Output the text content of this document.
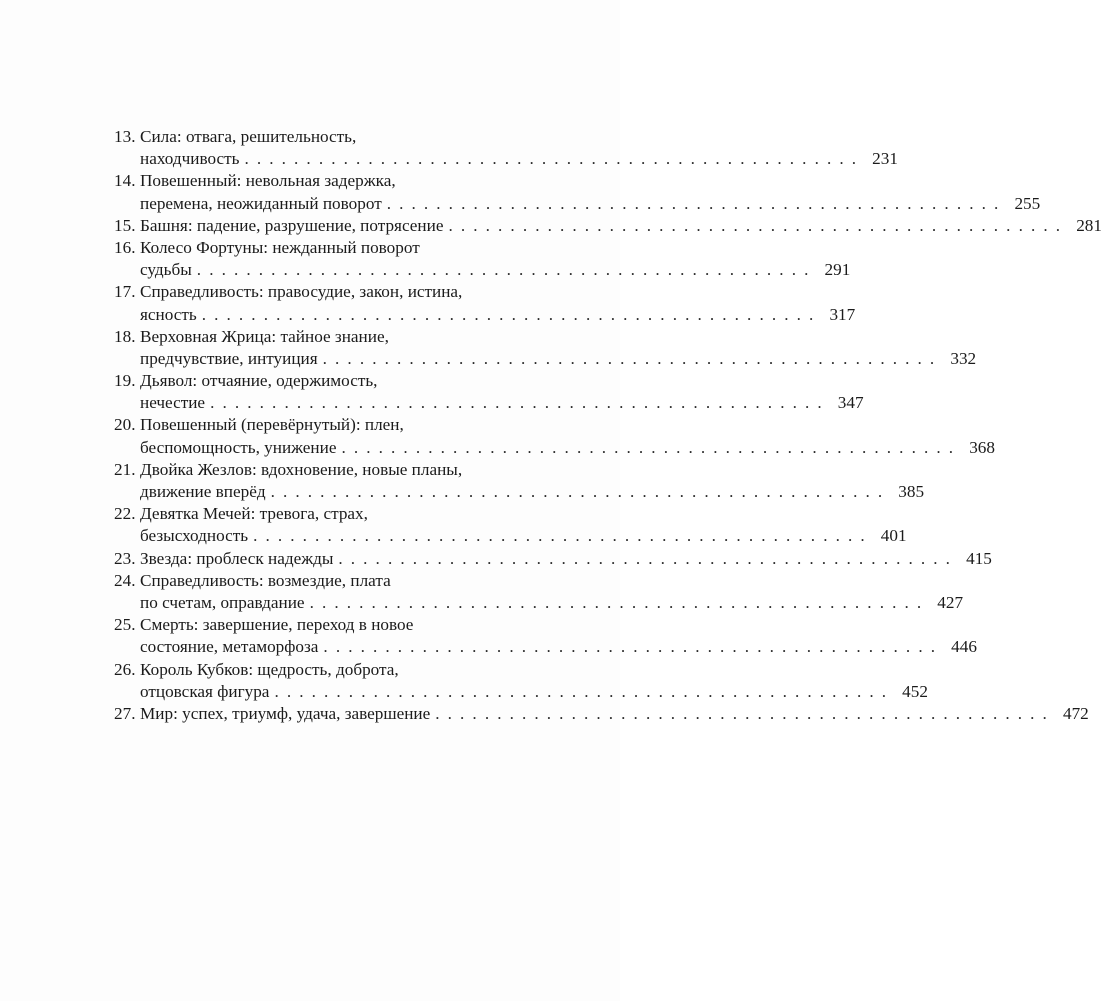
13. Сила: отвага, решительность,
находчивость . . . . . . . . . . . . . . . . . . . . . . . . . . . . . . . . . . . . . . . . . . . . . . . . . . 231
14. Повешенный: невольная задержка,
перемена, неожиданный поворот . . . . . . . . . . . . . . . . . . . . . . . . . . . . . . . . . . . . . . . . . . . . . . . . . . 255
15. Башня: падение, разрушение, потрясение . . . . . . . . . . . . . . . . . . . . . . . . . . . . . . . . . . . . . . . . . . . . . . . . . . 281
16. Колесо Фортуны: нежданный поворот
судьбы . . . . . . . . . . . . . . . . . . . . . . . . . . . . . . . . . . . . . . . . . . . . . . . . . . 291
17. Справедливость: правосудие, закон, истина,
ясность . . . . . . . . . . . . . . . . . . . . . . . . . . . . . . . . . . . . . . . . . . . . . . . . . . 317
18. Верховная Жрица: тайное знание,
предчувствие, интуиция . . . . . . . . . . . . . . . . . . . . . . . . . . . . . . . . . . . . . . . . . . . . . . . . . . 332
19. Дьявол: отчаяние, одержимость,
нечестие . . . . . . . . . . . . . . . . . . . . . . . . . . . . . . . . . . . . . . . . . . . . . . . . . . 347
20. Повешенный (перевёрнутый): плен,
беспомощность, унижение . . . . . . . . . . . . . . . . . . . . . . . . . . . . . . . . . . . . . . . . . . . . . . . . . . 368
21. Двойка Жезлов: вдохновение, новые планы,
движение вперёд . . . . . . . . . . . . . . . . . . . . . . . . . . . . . . . . . . . . . . . . . . . . . . . . . . 385
22. Девятка Мечей: тревога, страх,
безысходность . . . . . . . . . . . . . . . . . . . . . . . . . . . . . . . . . . . . . . . . . . . . . . . . . . 401
23. Звезда: проблеск надежды . . . . . . . . . . . . . . . . . . . . . . . . . . . . . . . . . . . . . . . . . . . . . . . . . . 415
24. Справедливость: возмездие, плата
по счетам, оправдание . . . . . . . . . . . . . . . . . . . . . . . . . . . . . . . . . . . . . . . . . . . . . . . . . . 427
25. Смерть: завершение, переход в новое
состояние, метаморфоза . . . . . . . . . . . . . . . . . . . . . . . . . . . . . . . . . . . . . . . . . . . . . . . . . . 446
26. Король Кубков: щедрость, доброта,
отцовская фигура . . . . . . . . . . . . . . . . . . . . . . . . . . . . . . . . . . . . . . . . . . . . . . . . . . 452
27. Мир: успех, триумф, удача, завершение . . . . . . . . . . . . . . . . . . . . . . . . . . . . . . . . . . . . . . . . . . . . . . . . . . 472
